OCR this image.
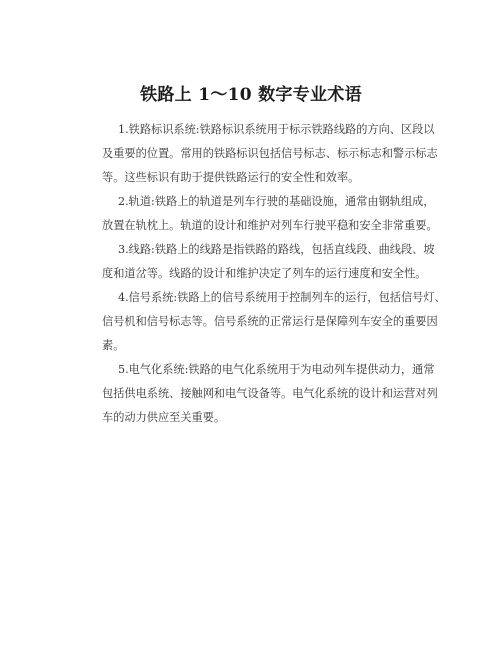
铁路上 1～10 数字专业术语

1.铁路标识系统:铁路标识系统用于标示铁路线路的方向、区段以
及重要的位置。常用的铁路标识包括信号标志、标示标志和警示标志
等。这些标识有助于提供铁路运行的安全性和效率。

2.轨道:铁路上的轨道是列车行驶的基础设施，通常由钢轨组成，
放置在轨枕上。轨道的设计和维护对列车行驶平稳和安全非常重要。

3.线路:铁路上的线路是指铁路的路线，包括直线段、曲线段、坡
度和道岔等。线路的设计和维护决定了列车的运行速度和安全性。

4.信号系统:铁路上的信号系统用于控制列车的运行，包括信号灯、
信号机和信号标志等。信号系统的正常运行是保障列车安全的重要因
素。

5.电气化系统:铁路的电气化系统用于为电动列车提供动力，通常
包括供电系统、接触网和电气设备等。电气化系统的设计和运营对列
车的动力供应至关重要。
